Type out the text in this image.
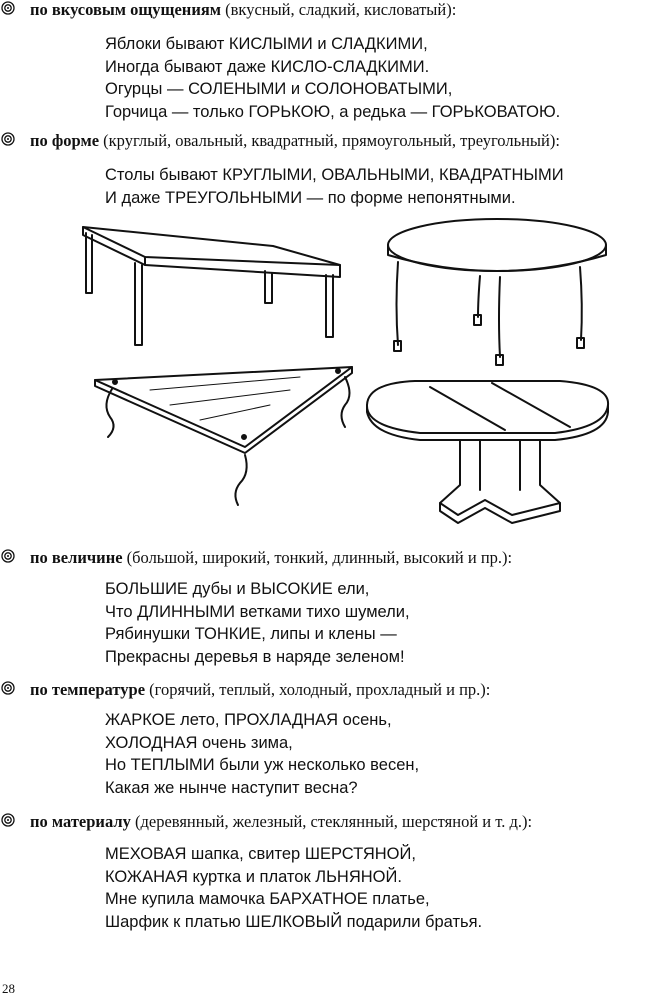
по вкусовым ощущениям (вкусный, сладкий, кисловатый):
Яблоки бывают КИСЛЫМИ и СЛАДКИМИ,
Иногда бывают даже КИСЛО-СЛАДКИМИ.
Огурцы — СОЛЕНЫМИ и СОЛОНОВАТЫМИ,
Горчица — только ГОРЬКОЮ, а редька — ГОРЬКОВАТОЮ.
по форме (круглый, овальный, квадратный, прямоугольный, треугольный):
Столы бывают КРУГЛЫМИ, ОВАЛЬНЫМИ, КВАДРАТНЫМИ
И даже ТРЕУГОЛЬНЫМИ — по форме непонятными.
по величине (большой, широкий, тонкий, длинный, высокий и пр.):
БОЛЬШИЕ дубы и ВЫСОКИЕ ели,
Что ДЛИННЫМИ ветками тихо шумели,
Рябинушки ТОНКИЕ, липы и клены —
Прекрасны деревья в наряде зеленом!
по температуре (горячий, теплый, холодный, прохладный и пр.):
ЖАРКОЕ лето, ПРОХЛАДНАЯ осень,
ХОЛОДНАЯ очень зима,
Но ТЕПЛЫМИ были уж несколько весен,
Какая же нынче наступит весна?
по материалу (деревянный, железный, стеклянный, шерстяной и т. д.):
МЕХОВАЯ шапка, свитер ШЕРСТЯНОЙ,
КОЖАНАЯ куртка и платок ЛЬНЯНОЙ.
Мне купила мамочка БАРХАТНОЕ платье,
Шарфик к платью ШЕЛКОВЫЙ подарили братья.
28
